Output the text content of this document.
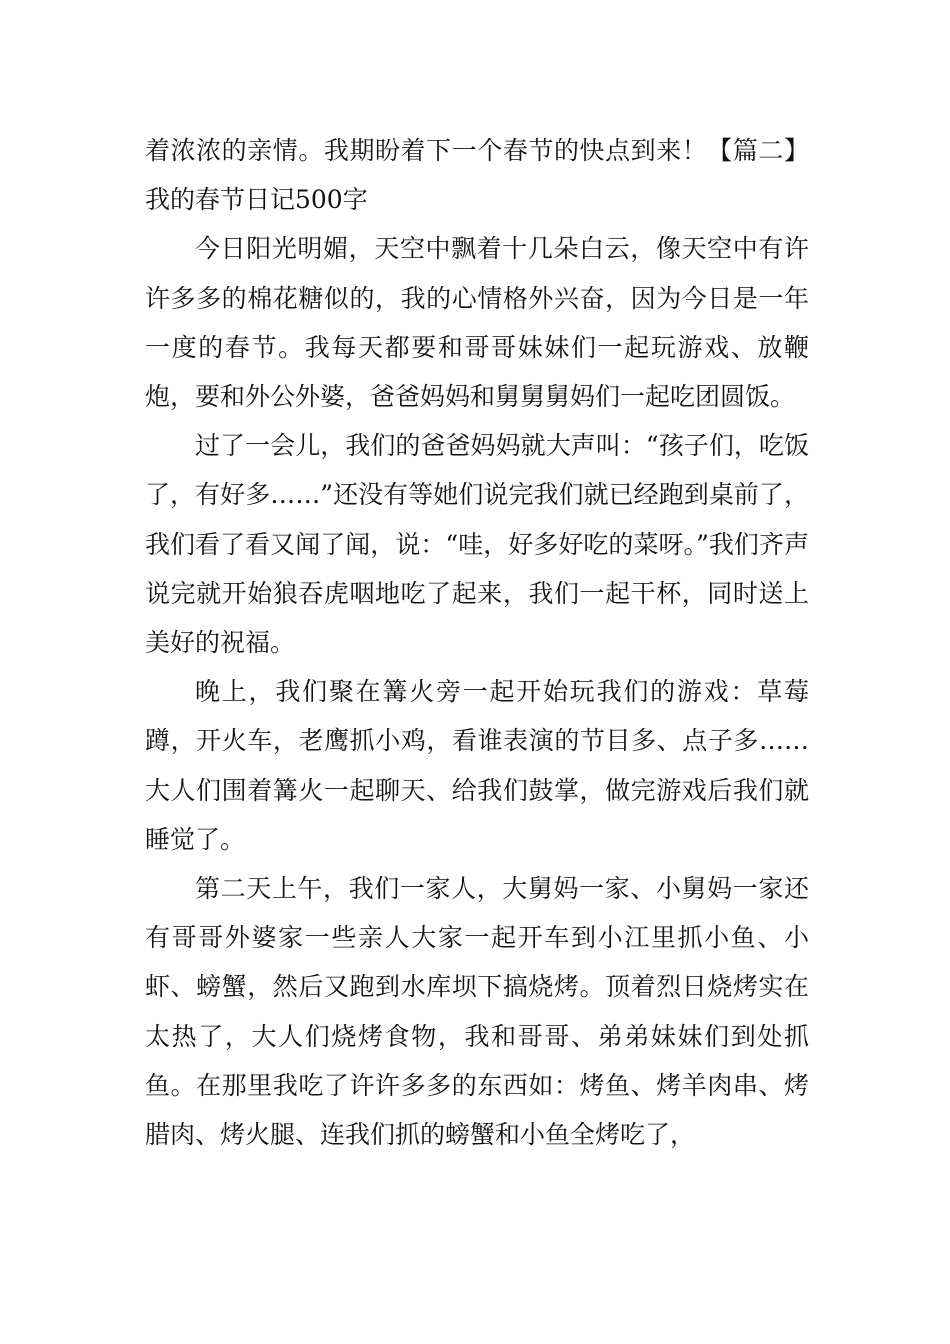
着浓浓的亲情。我期盼着下一个春节的快点到来！【篇二】我的春节日记500字

今日阳光明媚，天空中飘着十几朵白云，像天空中有许许多多的棉花糖似的，我的心情格外兴奋，因为今日是一年一度的春节。我每天都要和哥哥妹妹们一起玩游戏、放鞭炮，要和外公外婆，爸爸妈妈和舅舅舅妈们一起吃团圆饭。

过了一会儿，我们的爸爸妈妈就大声叫：“孩子们，吃饭了，有好多……”还没有等她们说完我们就已经跑到桌前了，我们看了看又闻了闻，说：“哇，好多好吃的菜呀。”我们齐声说完就开始狼吞虎咽地吃了起来，我们一起干杯，同时送上美好的祝福。

晚上，我们聚在篝火旁一起开始玩我们的游戏：草莓蹲，开火车，老鹰抓小鸡，看谁表演的节目多、点子多……大人们围着篝火一起聊天、给我们鼓掌，做完游戏后我们就睡觉了。

第二天上午，我们一家人，大舅妈一家、小舅妈一家还有哥哥外婆家一些亲人大家一起开车到小江里抓小鱼、小虾、螃蟹，然后又跑到水库坝下搞烧烤。顶着烈日烧烤实在太热了，大人们烧烤食物，我和哥哥、弟弟妹妹们到处抓鱼。在那里我吃了许许多多的东西如：烤鱼、烤羊肉串、烤腊肉、烤火腿、连我们抓的螃蟹和小鱼全烤吃了，
